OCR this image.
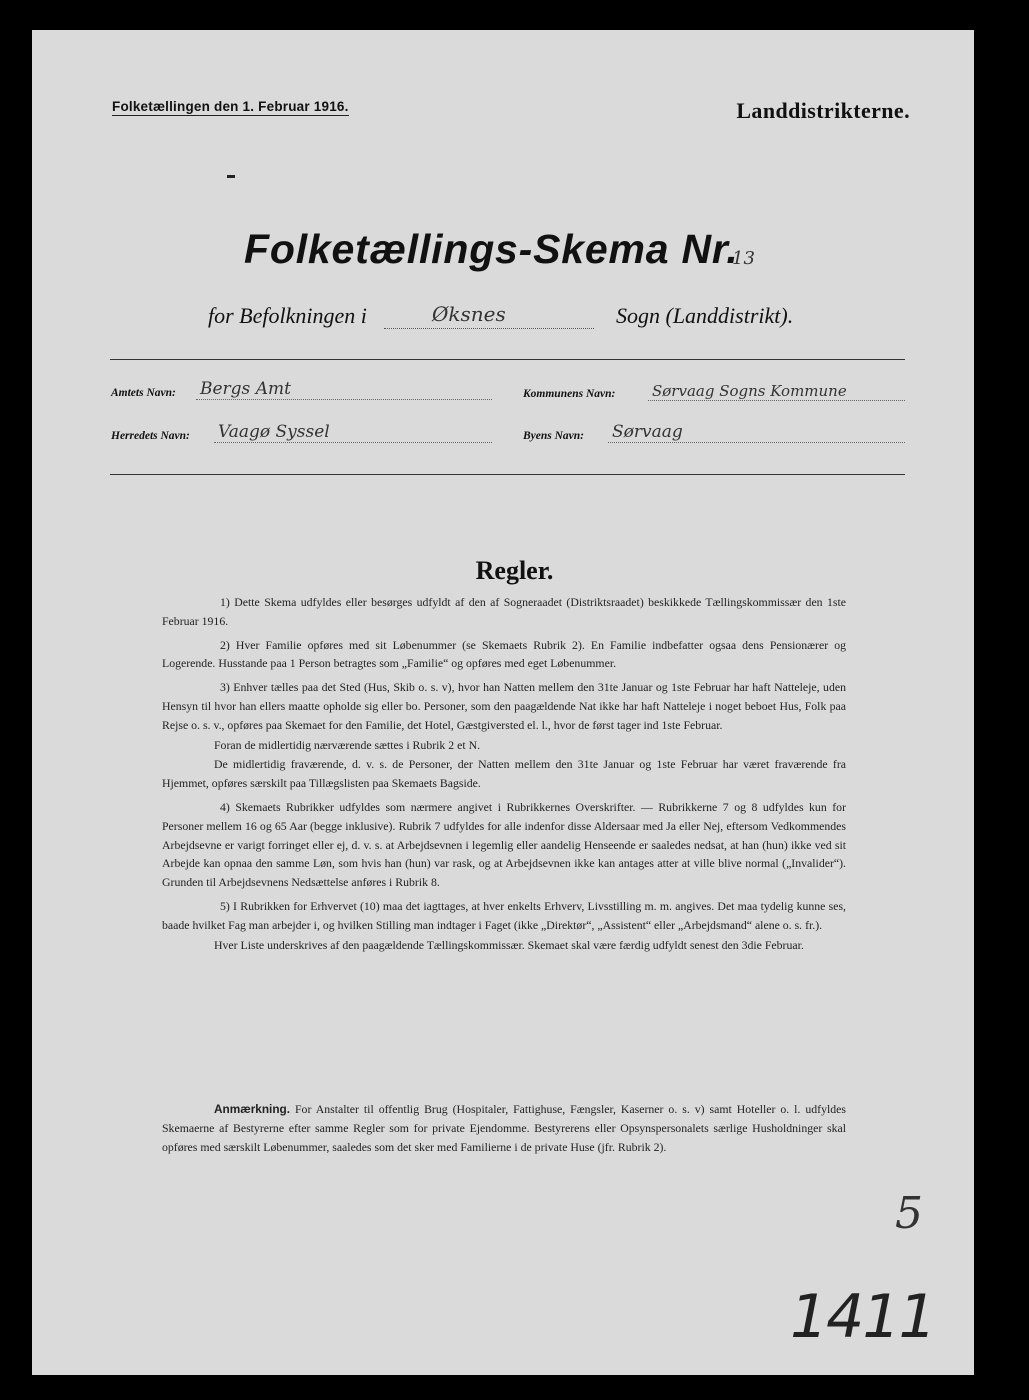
Folketællingen den 1. Februar 1916.	Landdistrikterne.
Folketællings-Skema Nr.
13
for Befolkningen i	Øksnes	Sogn (Landdistrikt).
Amtets Navn: Bergs Amt	Kommunens Navn: Sørvaag Sogns Kommune
Herredets Navn: Vaagø Syssel	Byens Navn: Sørvaag
Regler.

1) Dette Skema udfyldes eller besørges udfyldt af den af Sogneraadet (Distriktsraadet) beskikkede Tællingskommissær den 1ste Februar 1916.

2) Hver Familie opføres med sit Løbenummer (se Skemaets Rubrik 2). En Familie indbefatter ogsaa dens Pensionærer og Logerende. Husstande paa 1 Person betragtes som „Familie“ og opføres med eget Løbenummer.

3) Enhver tælles paa det Sted (Hus, Skib o. s. v), hvor han Natten mellem den 31te Januar og 1ste Februar har haft Natteleje, uden Hensyn til hvor han ellers maatte opholde sig eller bo. Personer, som den paagældende Nat ikke har haft Natteleje i noget beboet Hus, Folk paa Rejse o. s. v., opføres paa Skemaet for den Familie, det Hotel, Gæstgiversted el. l., hvor de først tager ind 1ste Februar.

Foran de midlertidig nærværende sættes i Rubrik 2 et N.

De midlertidig fraværende, d. v. s. de Personer, der Natten mellem den 31te Januar og 1ste Februar har været fraværende fra Hjemmet, opføres særskilt paa Tillægslisten paa Skemaets Bagside.

4) Skemaets Rubrikker udfyldes som nærmere angivet i Rubrikkernes Overskrifter. — Rubrikkerne 7 og 8 udfyldes kun for Personer mellem 16 og 65 Aar (begge inklusive). Rubrik 7 udfyldes for alle indenfor disse Aldersaar med Ja eller Nej, eftersom Vedkommendes Arbejdsevne er varigt forringet eller ej, d. v. s. at Arbejdsevnen i legemlig eller aandelig Henseende er saaledes nedsat, at han (hun) ikke ved sit Arbejde kan opnaa den samme Løn, som hvis han (hun) var rask, og at Arbejdsevnen ikke kan antages atter at ville blive normal („Invalider“). Grunden til Arbejdsevnens Nedsættelse anføres i Rubrik 8.

5) I Rubrikken for Erhvervet (10) maa det iagttages, at hver enkelts Erhverv, Livsstilling m. m. angives. Det maa tydelig kunne ses, baade hvilket Fag man arbejder i, og hvilken Stilling man indtager i Faget (ikke „Direktør“, „Assistent“ eller „Arbejdsmand“ alene o. s. fr.).

Hver Liste underskrives af den paagældende Tællingskommissær. Skemaet skal være færdig udfyldt senest den 3die Februar.

Anmærkning. For Anstalter til offentlig Brug (Hospitaler, Fattighuse, Fængsler, Kaserner o. s. v) samt Hoteller o. l. udfyldes Skemaerne af Bestyrerne efter samme Regler som for private Ejendomme. Bestyrerens eller Opsynspersonalets særlige Husholdninger skal opføres med særskilt Løbenummer, saaledes som det sker med Familierne i de private Huse (jfr. Rubrik 2).

5
1411
